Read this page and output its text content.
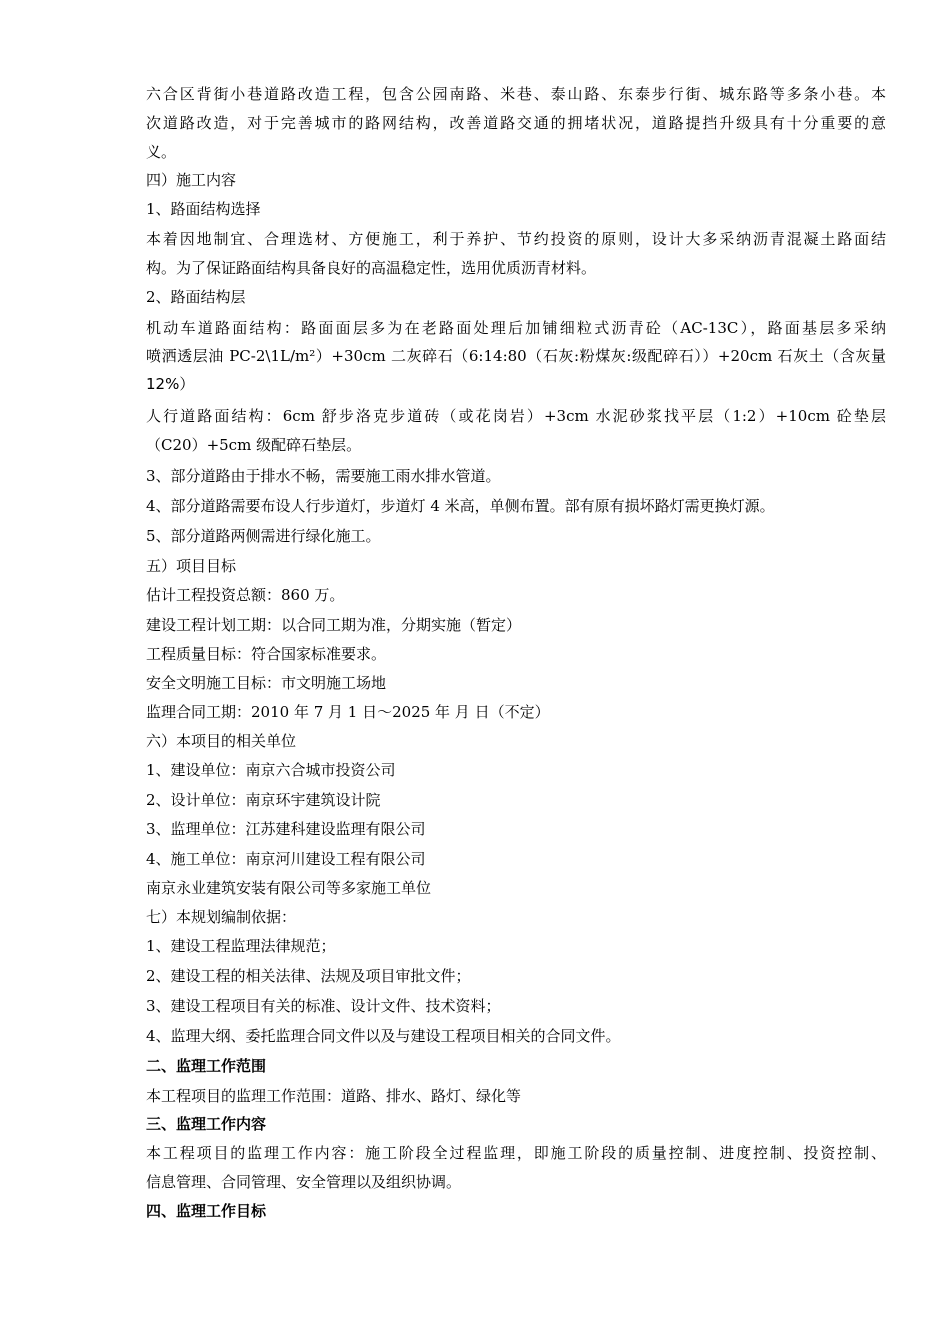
六合区背街小巷道路改造工程，包含公园南路、米巷、泰山路、东泰步行街、城东路等多条小巷。本
次道路改造，对于完善城市的路网结构，改善道路交通的拥堵状况，道路提挡升级具有十分重要的意
义。
四）施工内容
1、路面结构选择
本着因地制宜、合理选材、方便施工，利于养护、节约投资的原则，设计大多采纳沥青混凝土路面结
构。为了保证路面结构具备良好的高温稳定性，选用优质沥青材料。
2、路面结构层
机动车道路面结构：路面面层多为在老路面处理后加铺细粒式沥青砼（AC-13C），路面基层多采纳
喷洒透层油 PC-2\1L/m²）+30cm 二灰碎石（6:14:80（石灰:粉煤灰:级配碎石））+20cm 石灰土（含灰量
12%）
人行道路面结构：6cm 舒步洛克步道砖（或花岗岩）+3cm 水泥砂浆找平层（1:2）+10cm 砼垫层
（C20）+5cm 级配碎石垫层。
3、部分道路由于排水不畅，需要施工雨水排水管道。
4、部分道路需要布设人行步道灯，步道灯 4 米高，单侧布置。部有原有损坏路灯需更换灯源。
5、部分道路两侧需进行绿化施工。
五）项目目标
估计工程投资总额：860 万。
建设工程计划工期：以合同工期为准，分期实施（暂定）
工程质量目标：符合国家标准要求。
安全文明施工目标：市文明施工场地
监理合同工期：2010 年 7 月 1 日～2025 年 月 日（不定）
六）本项目的相关单位
1、建设单位：南京六合城市投资公司
2、设计单位：南京环宇建筑设计院
3、监理单位：江苏建科建设监理有限公司
4、施工单位：南京河川建设工程有限公司
南京永业建筑安装有限公司等多家施工单位
七）本规划编制依据：
1、建设工程监理法律规范；
2、建设工程的相关法律、法规及项目审批文件；
3、建设工程项目有关的标准、设计文件、技术资料；
4、监理大纲、委托监理合同文件以及与建设工程项目相关的合同文件。
二、监理工作范围
本工程项目的监理工作范围：道路、排水、路灯、绿化等
三、监理工作内容
本工程项目的监理工作内容：施工阶段全过程监理，即施工阶段的质量控制、进度控制、投资控制、
信息管理、合同管理、安全管理以及组织协调。
四、监理工作目标
